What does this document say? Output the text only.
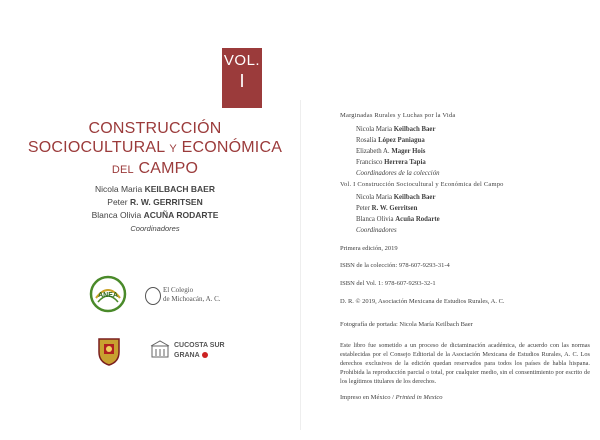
VOL.
I
CONSTRUCCIÓN
SOCIOCULTURAL Y ECONÓMICA
DEL CAMPO
Nicola Maria KEILBACH BAER
Peter R. W. GERRITSEN
Blanca Olivia ACUÑA RODARTE
Coordinadores
ANEA
El Colegio
de Michoacán, A. C.
CUCOSTA SUR
GRANA
Marginadas Rurales y Luchas por la Vida
Nicola Maria Keilbach Baer
Rosalía López Paniagua
Elizabeth A. Mager Hois
Francisco Herrera Tapia
Coordinadores de la colección
Vol. I Construcción Sociocultural y Económica del Campo
Nicola Maria Keilbach Baer
Peter R. W. Gerritsen
Blanca Olivia Acuña Rodarte
Coordinadores
Primera edición, 2019
ISBN de la colección: 978-607-9293-31-4
ISBN del Vol. 1: 978-607-9293-32-1
D. R. © 2019, Asociación Mexicana de Estudios Rurales, A. C.
Fotografía de portada: Nicola María Keilbach Baer
Este libro fue sometido a un proceso de dictaminación académica, de acuerdo con las normas establecidas por el Consejo Editorial de la Asociación Mexicana de Estudios Rurales, A. C. Los derechos exclusivos de la edición quedan reservados para todos los países de habla hispana. Prohibida la reproducción parcial o total, por cualquier medio, sin el consentimiento por escrito de los legítimos titulares de los derechos.
Impreso en México / Printed in Mexico
